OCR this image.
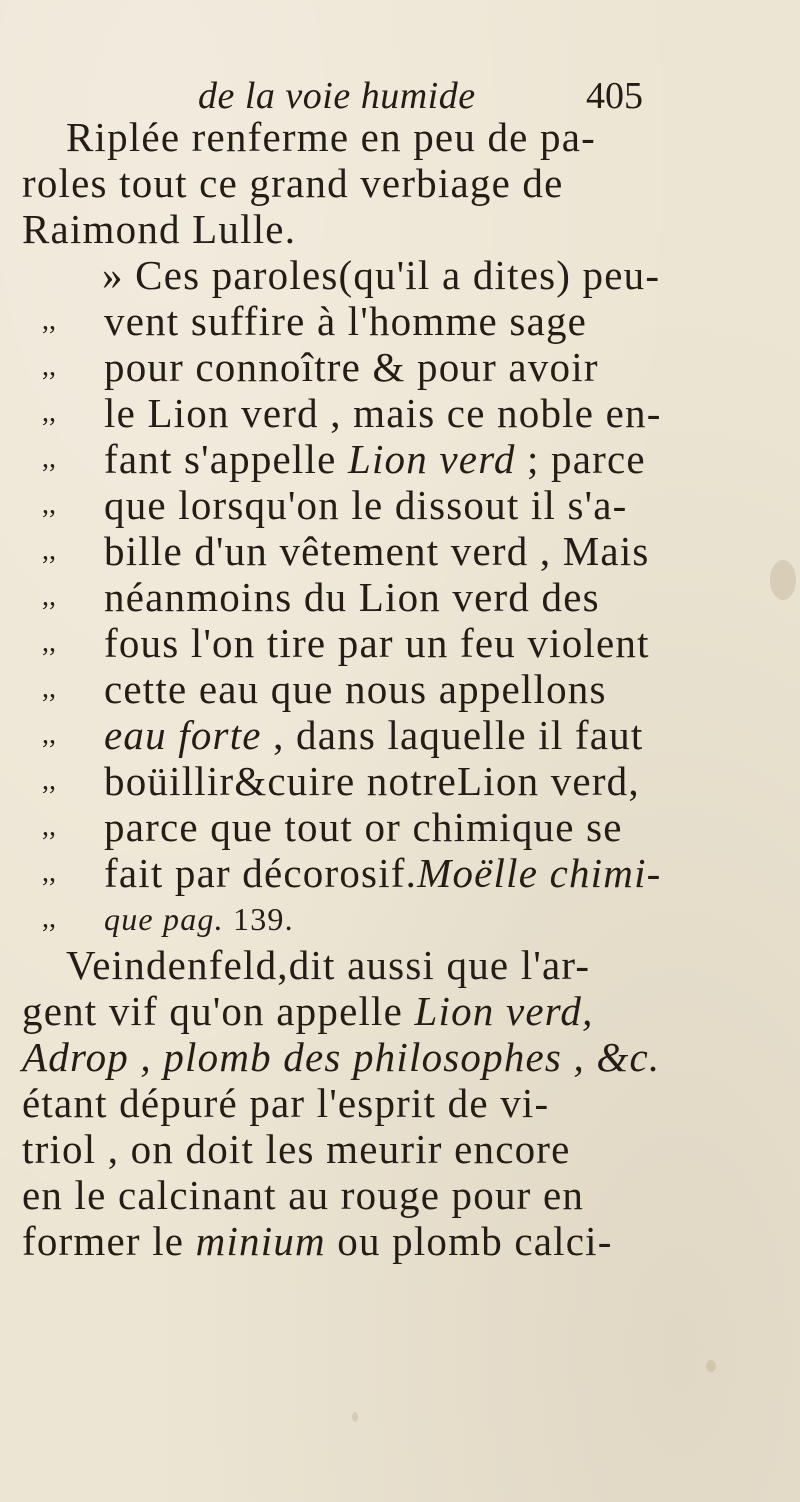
de la voie humide	405
Riplée renferme en peu de pa-
roles tout ce grand verbiage de
Raimond Lulle.
» Ces paroles(qu'il a dites) peu-
,, vent suffire à l'homme sage
,, pour connoître & pour avoir
,, le Lion verd , mais ce noble en-
,, fant s'appelle Lion verd ; parce
,, que lorsqu'on le dissout il s'a-
,, bille d'un vêtement verd , Mais
,, néanmoins du Lion verd des
,, fous l'on tire par un feu violent
,, cette eau que nous appellons
,, eau forte , dans laquelle il faut
,, boüillir&cuire notreLion verd,
,, parce que tout or chimique se
,, fait par décorosif.Moëlle chimi-
,, que pag. 139.
Veindenfeld,dit aussi que l'ar-
gent vif qu'on appelle Lion verd,
Adrop , plomb des philosophes , &c.
étant dépuré par l'esprit de vi-
triol , on doit les meurir encore
en le calcinant au rouge pour en
former le minium ou plomb calci-
